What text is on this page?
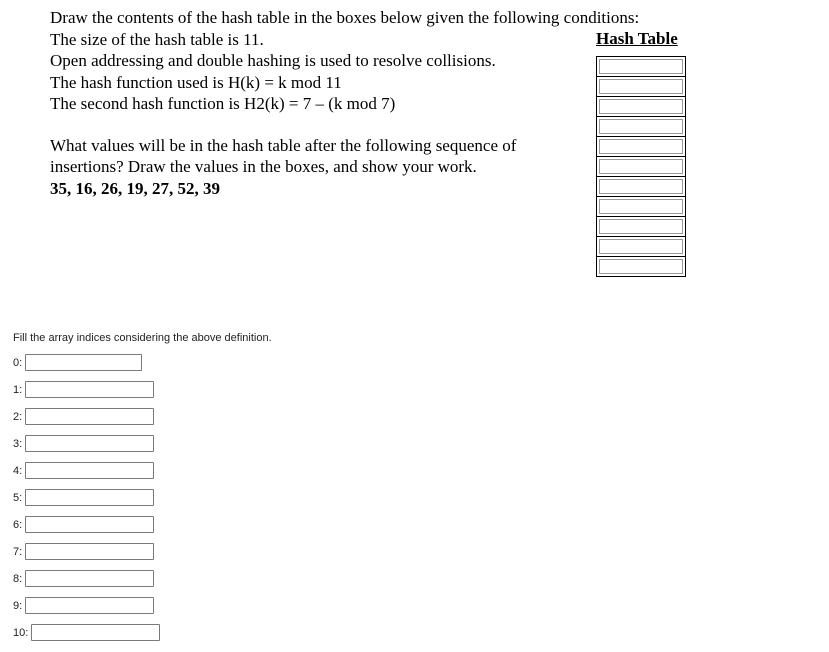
Draw the contents of the hash table in the boxes below given the following conditions:
The size of the hash table is 11.
Open addressing and double hashing is used to resolve collisions.
The hash function used is H(k) = k mod 11
The second hash function is H2(k) = 7 – (k mod 7)
What values will be in the hash table after the following sequence of
insertions? Draw the values in the boxes, and show your work.
35, 16, 26, 19, 27, 52, 39
Hash Table
Fill the array indices considering the above definition.
0:
1:
2:
3:
4:
5:
6:
7:
8:
9:
10:
